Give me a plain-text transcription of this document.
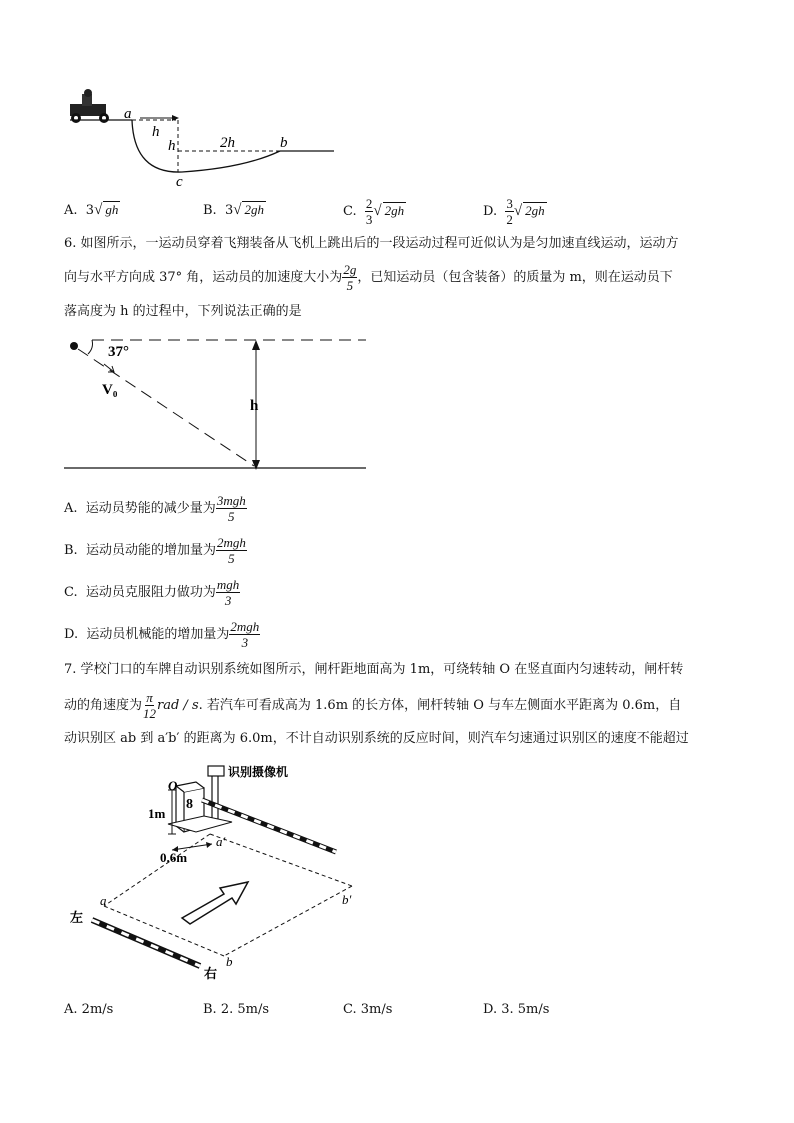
a
h
h	2h	b
c
A. 3√ gh	B. 3√ 2gh	C. $\frac{2}{3}$ √ 2gh	D. $\frac{3}{2}$ √ 2gh
6. 如图所示，一运动员穿着飞翔装备从飞机上跳出后的一段运动过程可近似认为是匀加速直线运动，运动方
向与水平方向成 37° 角，运动员的加速度大小为 $\frac{2g}{5}$ ，已知运动员（包含装备）的质量为 m，则在运动员下
落高度为 h 的过程中，下列说法正确的是
37°
V₀
h
A. 运动员势能的减少量为 $\frac{\text{3mgh}}{5}$
B. 运动员动能的增加量为 $\frac{\text{2mgh}}{5}$
C. 运动员克服阻力做功为 $\frac{\text{mgh}}{3}$
D. 运动员机械能的增加量为 $\frac{\text{2mgh}}{3}$
7. 学校门口的车牌自动识别系统如图所示，闸杆距地面高为 1m，可绕转轴 O 在竖直面内匀速转动，闸杆转
动的角速度为 $\frac{\pi}{12}$ rad / s. 若汽车可看成高为 1.6m 的长方体，闸杆转轴 O 与车左侧面水平距离为 0.6m，自
动识别区 ab 到 a′b′ 的距离为 6.0m，不计自动识别系统的反应时间，则汽车匀速通过识别区的速度不能超过
8
识别摄像机
O
1m
0.6m
a′
b′
a
b
左
右
A. 2m/s	B. 2. 5m/s	C. 3m/s	D. 3. 5m/s
